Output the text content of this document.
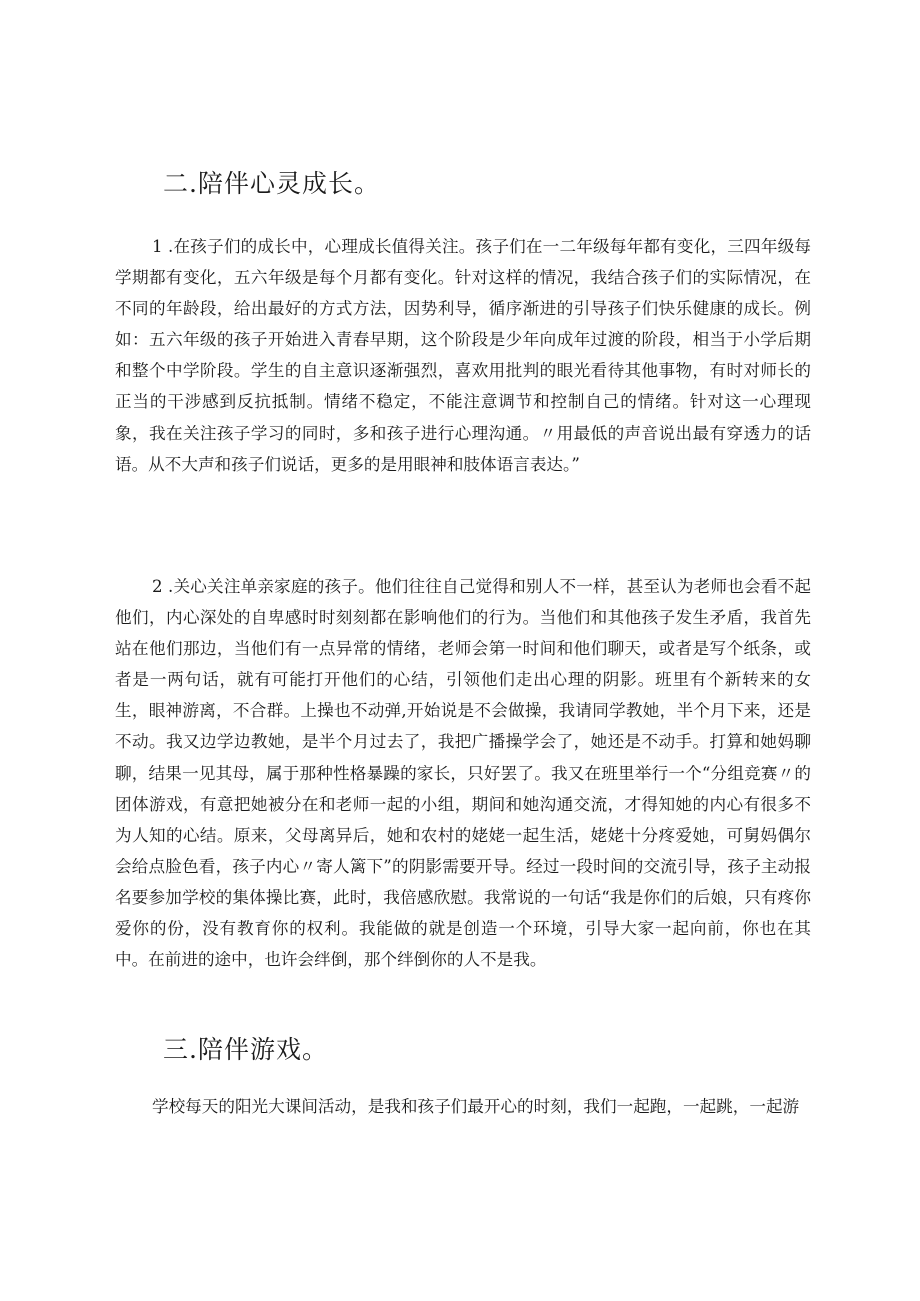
二.陪伴心灵成长。

1 .在孩子们的成长中，心理成长值得关注。孩子们在一二年级每年都有变化，三四年级每学期都有变化，五六年级是每个月都有变化。针对这样的情况，我结合孩子们的实际情况，在不同的年龄段，给出最好的方式方法，因势利导，循序渐进的引导孩子们快乐健康的成长。例如：五六年级的孩子开始进入青春早期，这个阶段是少年向成年过渡的阶段，相当于小学后期和整个中学阶段。学生的自主意识逐渐强烈，喜欢用批判的眼光看待其他事物，有时对师长的正当的干涉感到反抗抵制。情绪不稳定，不能注意调节和控制自己的情绪。针对这一心理现象，我在关注孩子学习的同时，多和孩子进行心理沟通。〃用最低的声音说出最有穿透力的话语。从不大声和孩子们说话，更多的是用眼神和肢体语言表达。”

2 .关心关注单亲家庭的孩子。他们往往自己觉得和别人不一样，甚至认为老师也会看不起他们，内心深处的自卑感时时刻刻都在影响他们的行为。当他们和其他孩子发生矛盾，我首先站在他们那边，当他们有一点异常的情绪，老师会第一时间和他们聊天，或者是写个纸条，或者是一两句话，就有可能打开他们的心结，引领他们走出心理的阴影。班里有个新转来的女生，眼神游离，不合群。上操也不动弹,开始说是不会做操，我请同学教她，半个月下来，还是不动。我又边学边教她，是半个月过去了，我把广播操学会了，她还是不动手。打算和她妈聊聊，结果一见其母，属于那种性格暴躁的家长，只好罢了。我又在班里举行一个“分组竞赛〃的团体游戏，有意把她被分在和老师一起的小组，期间和她沟通交流，才得知她的内心有很多不为人知的心结。原来，父母离异后，她和农村的姥姥一起生活，姥姥十分疼爱她，可舅妈偶尔会给点脸色看，孩子内心〃寄人篱下”的阴影需要开导。经过一段时间的交流引导，孩子主动报名要参加学校的集体操比赛，此时，我倍感欣慰。我常说的一句话“我是你们的后娘，只有疼你爱你的份，没有教育你的权利。我能做的就是创造一个环境，引导大家一起向前，你也在其中。在前进的途中，也许会绊倒，那个绊倒你的人不是我。

三.陪伴游戏。

学校每天的阳光大课间活动，是我和孩子们最开心的时刻，我们一起跑，一起跳，一起游
